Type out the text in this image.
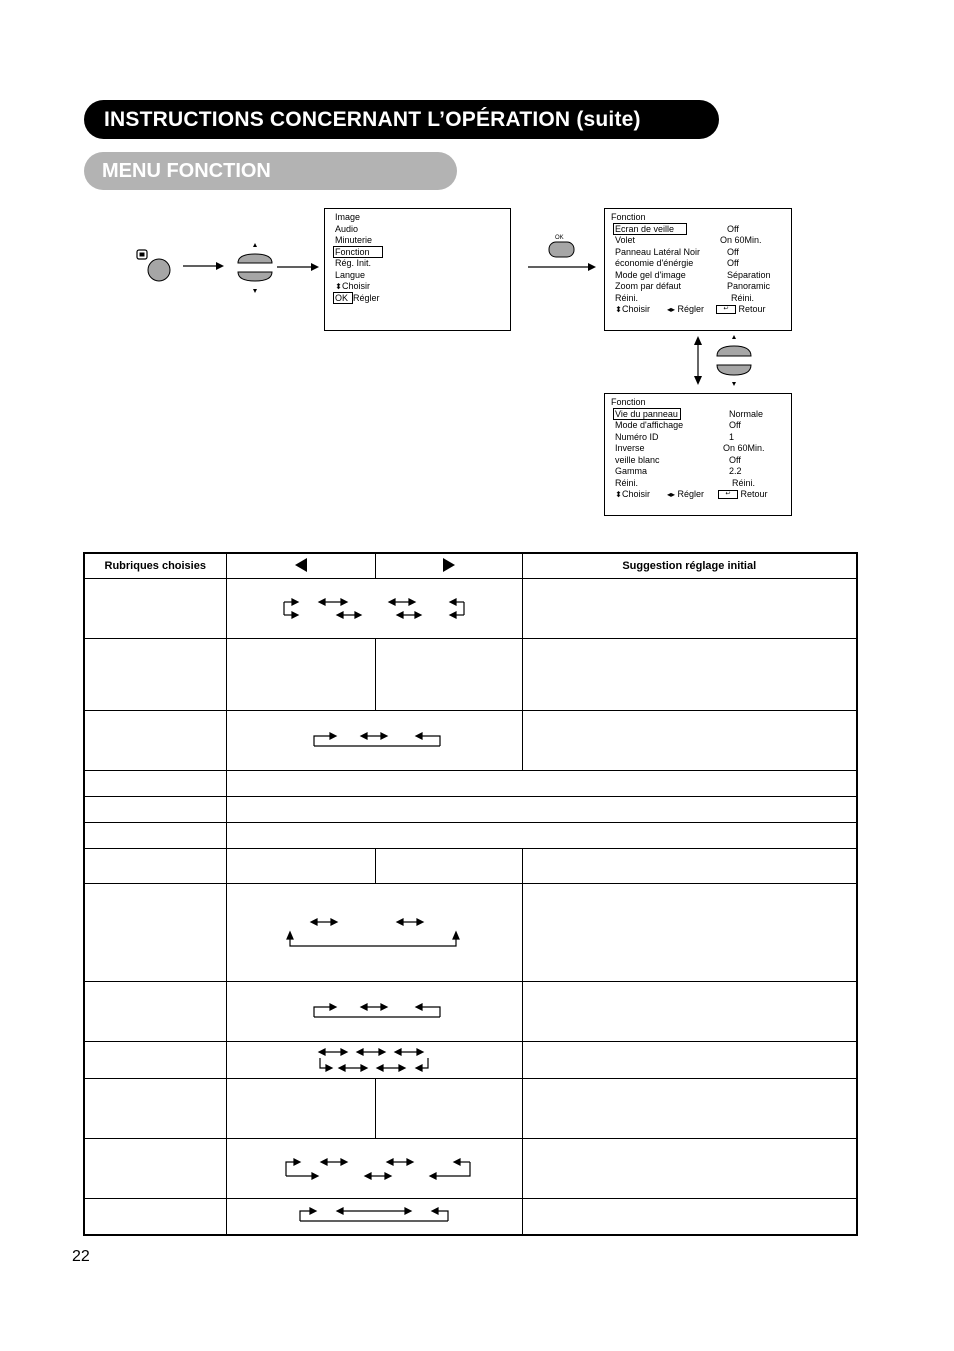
INSTRUCTIONS CONCERNANT L’OPÉRATION (suite)
MENU FONCTION
OK
Image
Audio
Minuterie
Fonction
Rég. Init.
Langue
⬍Choisir
OK Régler
Fonction
Ecran de veille	Off
Volet	On 60Min.
Panneau Latéral Noir	Off
économie d'énérgie	Off
Mode gel d'image	Séparation
Zoom par défaut	Panoramic
Réini.	Réini.
⬍Choisir ◂▸ Régler	↩ Retour
Fonction
Vie du panneau	Normale
Mode d'affichage	Off
Numéro ID	1
Inverse	On 60Min.
veille blanc	Off
Gamma	2.2
Réini.	Réini.
⬍Choisir ◂▸ Régler	↩ Retour
Rubriques choisies			Suggestion réglage initial

22
